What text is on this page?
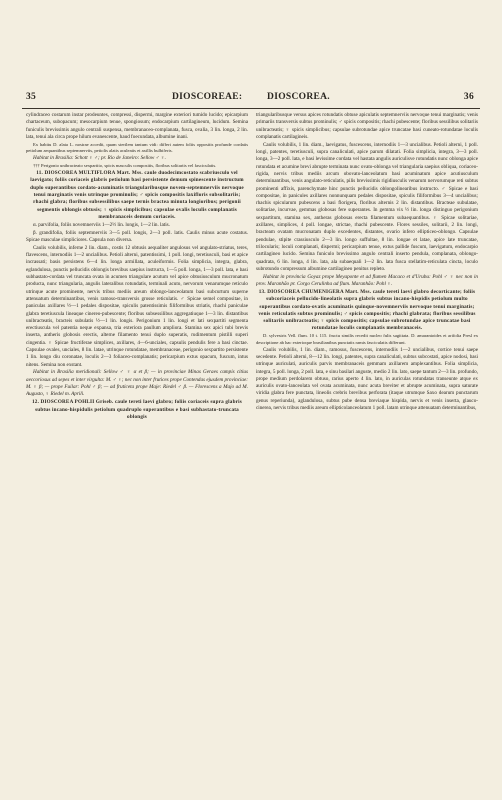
35	DIOSCOREAE:	DIOSCOREA.	36

cylindraceo costarum instar prodeuntes, compressi, dispermi, margine exteriori tumido lucido; epicarpium chartaceum, subopacum; mesocarpium tenue, spongiosum; endocarpium cartilagineum, lucidum. Semina funiculis brevissimis angulo centrali suspensa, membranaceo-complanata, fusca, ovalia, 3 lin. longa, 2 lin. lata, tenui ala circa prope hilum evanescente, haud foecundata, albumine inani.

Ex habitu D. alata L. nostrae accedit, quam sterilem tantum vidi: differt autem foliis oppositis profunde cordatis petiolum aequantibus septemnerviis, petiolis alatis aculeatis et axillis bulbiferis.

Habitat in Brasilia: Schott ♀ ♂; pr. Rio de Janeiro: Sellow ♂ ♀.

††† Perigonio unibracteato sexpartito, spicis masculis compositis, floribus solitariis vel fasciculatis.

11. DIOSCOREA MULTIFLORA Mart. Mss. caule duodecimcostato scabriusculo vel laevigato; foliis coriaceis glabris petiolum basi persistente demum spinescente instructum duplo superantibus cordato-acuminatis triangularibusque novem-septemnerviis nervoque tenui marginatis venis utrinque prominulis; ♂ spicis compositis laxifloris subsolitariis; rhachi glabra; floribus subsessilibus saepe ternis bractea minuta longioribus; perigonii segmentis oblongis obtusis; ♀ spicis simplicibus; capsulae ovalis loculis complanatis membranaceis demum coriaceis.

α. parvifolia, foliis novemnerviis 1—2½ lin. longis, 1—2 lin. latis.

β. grandifolia, foliis septemnerviis 3—5 poll. longis, 2—3 poll. latis. Caulis minus acute costatus. Spicae masculae simpliciores. Capsula non diversa.

Caulis volubilis, inferne 2 lin. diam., costis 12 obtusis aequaliter angulosus vel angulato-striatus, teres, flavescens, internodiis 1—2 uncialibus. Petioli alterni, patentissimi, 1 poll. longi, teretiusculi, basi et apice incrassati; basis persistens 6—4 lin. longa armillata, aculeiformis. Folia simplicia, integra, glabra, eglandulosa, punctis pellucidis oblongis brevibus saepius instructa, 1—5 poll. longa, 1—3 poll. lata, e basi subhastato-cordata vel truncata ovata in acumen triangulare acutum vel apice obtusiusculum mucronatum producta, nunc triangularia, angulis lateralibus rotundatis, terminali acuto, nervorum venarumque reticulo utrinque acute prominente, nervis tribus mediis areum oblongo-lanceolatum basi subcurtum superne attenuatum determinantibus, venis ramoso-transversis grosse reticulatis. ♂ Spicae semel compositae, in paniculas axillares ½—1 pedales dispositae, spiculis patentissimis filiformibus striatis, rhachi paniculae glabra teretiuscula lineaque cinereo-pubescente; floribus subsessilibus aggregatiuque 1—3 lin. distantibus unibracteatis, bracteis subulatis ½—1 lin. longis. Perigonium 1 lin. longi et lati sexpartiti segmenta erectiuscula vel patentia neque expansa, tria exteriora paullum ampliora. Stamina sex apici tubi brevis inserta, antheris globosis erectis, alterne filamento tenui duplo superatis, rudimentum pistilli superi cingentia. ♀ Spicae fructiferae simplices, axillares, 4—6-unciales, capsulis pendulis fere a basi cinctae. Capsulae ovales, unciales, 8 lin. latae, utrinque rotundatae, membranaceae, perigonio sexpartito persistente 1 lin. longo diu coronatae, loculis 2—3 foliaceo-complanatis; pericarpium extus opacum, fuscum, intus nitens. Semina non exstant.

Habitat in Brasilia meridionali: Sellow ♂ ♀ α et β; — in provinciae Minas Geraes campis citius aeccoriosus ad sepes et inter virgulta: M. ♂ ♀; nec non inter frutices prope Contendas ejusdem provinciae: M. ♀ β; — prope Fuilar: Pohl ♂ β; — ad fruticeta prope Maje: Riedel ♂ β. — Florescens a Majo ad M. Augusto, ♀ Riedel m. Aprili.

12. DIOSCOREA POHLII Griseb. caule tereti laevi glabro; foliis coriaceis supra glabris subtus incano-hispidulis petiolum quadruplo superantibus e basi subhastato-truncata oblongis

triangularibusque versus apices rotundatis obtuse apiculatis septemnerviis nervoque tenui marginatis; venis primariis transversis subtus prominulis; ♂ spicis compositis; rhachi pubescente; floribus sessilibus solitariis unibracteatis; ♀ spicis simplicibus; capsulae subrotundae apice truncatae basi cuneato-rotundatae loculis complanatis cartilagineis.

Caulis volubilis, 1 lin. diam., laevigatus, fuscescens, internodiis 1—3 uncialibus. Petioli alterni, 1 poll. longi, patentes, teretiusculi, supra canaliculati, apice parum dilatati. Folia simplicia, integra, 3—3 poll. longa, 3—2 poll. lata, e basi levissime cordata vel hastata angulis auriculisve rotundatis nunc oblonga apice rotundata et acumine brevi abrupte terminata nunc ovato-oblonga vel triangularia saepius obliqua, coriaceo-rigida, nervis tribus mediis arcum obovato-lanceolatum basi acuminatum apice acutiusculum determinantibus, venis angulato-reticulatis, pilis brevissimis rigidiusculis venarum nervorumque reti subtus prominenti affixis, parenchymate hinc punctis pellucidis oblongolinearibus instructo. ♂ Spicae e basi compositae, in panicules axillares nonnunquam pedales dispositae, spiculis filiformibus 3—4 uncialibus; rhachis spicularum pubescens a basi florigera, floribus alternis 2 lin. distantibus. Bracteae subulatae, solitariae, incurvae, gemmas globosas fere superantes. In gemma vix ½ lin. longa distinguo perigonium sexpartitum, stamina sex, antheras globosas erecta filamentum subaequantibus. ♀ Spicae solitariae, axillares, simplices, 4 poll. longae, strictae, rhachi pubescente. Flores sessiles, solitarii, 2 lin. longi, bracteam ovatam mucronatam duplo excedentes, distantes, ovario infero ellipticeo-oblongo. Capsulae pendulae, stipite crassiusculo 2—3 lin. longo suffultae, 8 lin. longae et latae, apice late truncatae, trilocularis; loculi complanati, dispermi; pericarpium tenue, extus pallide fuscum, laevigatum, endocarpio cartilagineo lucido. Semina funiculo brevissimo angulo centrali inserto pendula, complanata, oblongo-quadrata, 6 lin. longa, 4 lin. lata, ala subaequali 1—2 lin. lata fusca stellatim-reticulata cincta, loculo subrotundo compressum albumine cartilagineo penitus repleto.

Habitat in provincia Goyaz prope Meyaponte et ad flumen Macaco et d'Urubu: Pohl ♂ ♀ nec non in prov. Maranhão pr. Corgo Cerulinha ad flum. Maranhão: Pohl ♀.

13. DIOSCOREA CHUMENIGERA Mart. Mss. caule tereti laevi glabro decorticante; foliis subcoriaceis pellucido-lineolatis supra glabris subtus incano-hispidis petiolum multo superantibus cordato-ovatis acuminatis quinque-novemnerviis nervoque tenui marginatis; venis reticulatis subtus prominulis; ♂ spicis compositis; rhachi glabrata; floribus sessilibus solitariis unibracteatis; ♀ spicis compositis; capsulae subrotundae apice truncatae basi rotundatae loculis complanatis membranaceis.

D. sylvestris Vell. flum. 10 t. 115. fructu similis recedit nucleo fulis sagittata. D. amarantoides et arifolia Presl ex descriptione ab hac exterioque brasilianibus punctatis ramis fasciculatis differunt.

Caulis volubilis, 1 lin. diam., ramosus, fuscescens, internodiis 1—2 uncialibus, cortice tenui saepe secedente. Petioli alterni, 8—12 lin. longi, patentes, supra canaliculati, subtus subcostati, apice nodosi, basi utrinque auriculati, auriculis parvis membranaceis gemmam axillarem amplexantibus. Folia simplicia, integra, 5 poll. longa, 2 poll. lata, e sinu basilari anguste, medio 2 lin. lato, saepe tantum 2—3 lin. profundo, prope medium perdolarem obtuso, rarius aperto 4 lin. lato, in auriculas rotundatas transeunte atque ex auriculis ovato-lanceolata vel ovata acuminata, nunc acuta breviter et abrupte acuminata, supra saturate viridia glabra fere punctata, lineolis crebris brevibus perforata (itaque utrumque Saxo dearum punctarum genus reperiunda), aglandulosa, subtus pube densa breviaque hispida, nervis et venis inserta, glauco-cinerea, nervis tribus mediis areum ellipticolanceolatum 1 poll. latam utrinque attenuatam determinantibus,
